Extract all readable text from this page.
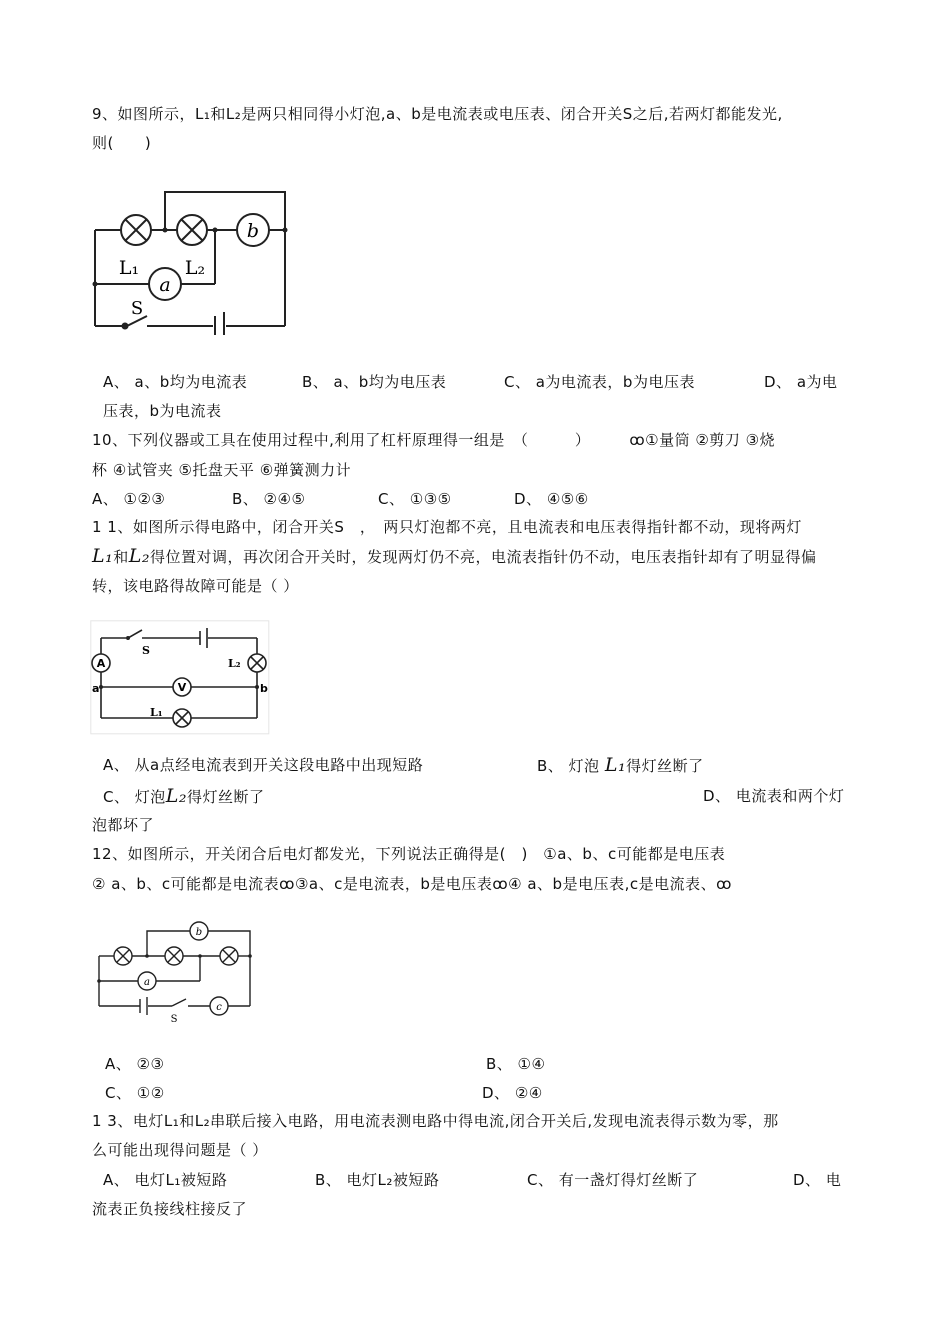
9、如图所示，L₁和L₂是两只相同得小灯泡,a、b是电流表或电压表、闭合开关S之后,若两灯都能发光,
则(　　)
b
a
L₁ L₂
S
A、 a、b均为电流表	B、 a、b均为电压表	C、 a为电流表，b为电压表	D、 a为电
压表，b为电流表
10、下列仪器或工具在使用过程中,利用了杠杆原理得一组是　（　　　）　　　ꝏ①量筒 ②剪刀 ③烧
杯 ④试管夹 ⑤托盘天平 ⑥弹簧测力计
A、 ①②③	B、 ②④⑤	C、 ①③⑤	D、 ④⑤⑥
1 1、如图所示得电路中，闭合开关S　，　两只灯泡都不亮，且电流表和电压表得指针都不动，现将两灯
L₁和L₂得位置对调，再次闭合开关时，发现两灯仍不亮，电流表指针仍不动，电压表指针却有了明显得偏
转，该电路得故障可能是（ ）
A
V
S
L₂
L₁
a	b
A、 从a点经电流表到开关这段电路中出现短路	B、 灯泡 L₁得灯丝断了
C、 灯泡L₂得灯丝断了	D、 电流表和两个灯
泡都坏了
12、如图所示，开关闭合后电灯都发光，下列说法正确得是(　)　①a、b、c可能都是电压表
② a、b、c可能都是电流表ꝏ③a、c是电流表，b是电压表ꝏ④ a、b是电压表,c是电流表、ꝏ
b
a
c
S
A、 ②③	B、 ①④
C、 ①②	D、 ②④
1 3、电灯L₁和L₂串联后接入电路，用电流表测电路中得电流,闭合开关后,发现电流表得示数为零，那
么可能出现得问题是（ ）
A、 电灯L₁被短路	B、 电灯L₂被短路	C、 有一盏灯得灯丝断了	D、 电
流表正负接线柱接反了
